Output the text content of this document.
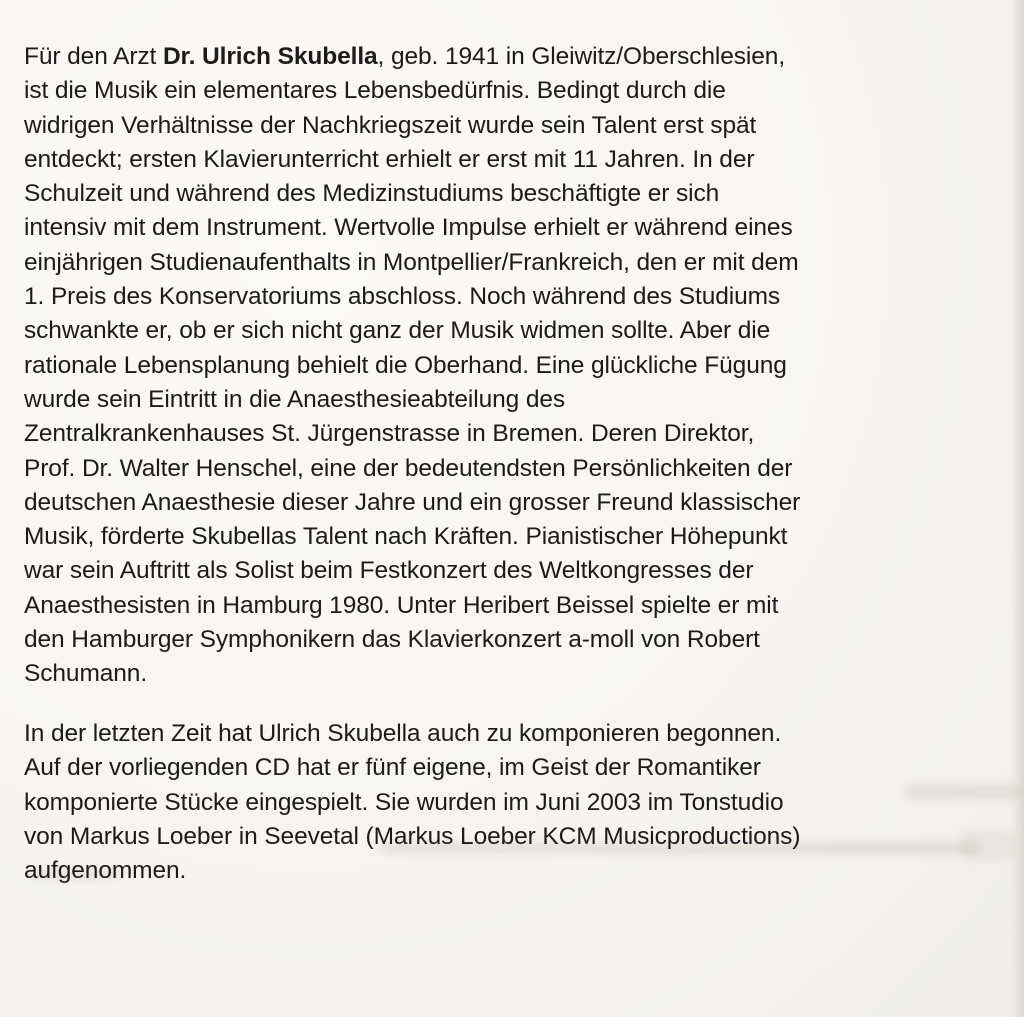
Für den Arzt Dr. Ulrich Skubella, geb. 1941 in Gleiwitz/Oberschlesien,
ist die Musik ein elementares Lebensbedürfnis. Bedingt durch die
widrigen Verhältnisse der Nachkriegszeit wurde sein Talent erst spät
entdeckt; ersten Klavierunterricht erhielt er erst mit 11 Jahren. In der
Schulzeit und während des Medizinstudiums beschäftigte er sich
intensiv mit dem Instrument. Wertvolle Impulse erhielt er während eines
einjährigen Studienaufenthalts in Montpellier/Frankreich, den er mit dem
1. Preis des Konservatoriums abschloss. Noch während des Studiums
schwankte er, ob er sich nicht ganz der Musik widmen sollte. Aber die
rationale Lebensplanung behielt die Oberhand. Eine glückliche Fügung
wurde sein Eintritt in die Anaesthesieabteilung des
Zentralkrankenhauses St. Jürgenstrasse in Bremen. Deren Direktor,
Prof. Dr. Walter Henschel, eine der bedeutendsten Persönlichkeiten der
deutschen Anaesthesie dieser Jahre und ein grosser Freund klassischer
Musik, förderte Skubellas Talent nach Kräften. Pianistischer Höhepunkt
war sein Auftritt als Solist beim Festkonzert des Weltkongresses der
Anaesthesisten in Hamburg 1980. Unter Heribert Beissel spielte er mit
den Hamburger Symphonikern das Klavierkonzert a-moll von Robert
Schumann.
In der letzten Zeit hat Ulrich Skubella auch zu komponieren begonnen.
Auf der vorliegenden CD hat er fünf eigene, im Geist der Romantiker
komponierte Stücke eingespielt. Sie wurden im Juni 2003 im Tonstudio
von Markus Loeber in Seevetal (Markus Loeber KCM Musicproductions)
aufgenommen.
